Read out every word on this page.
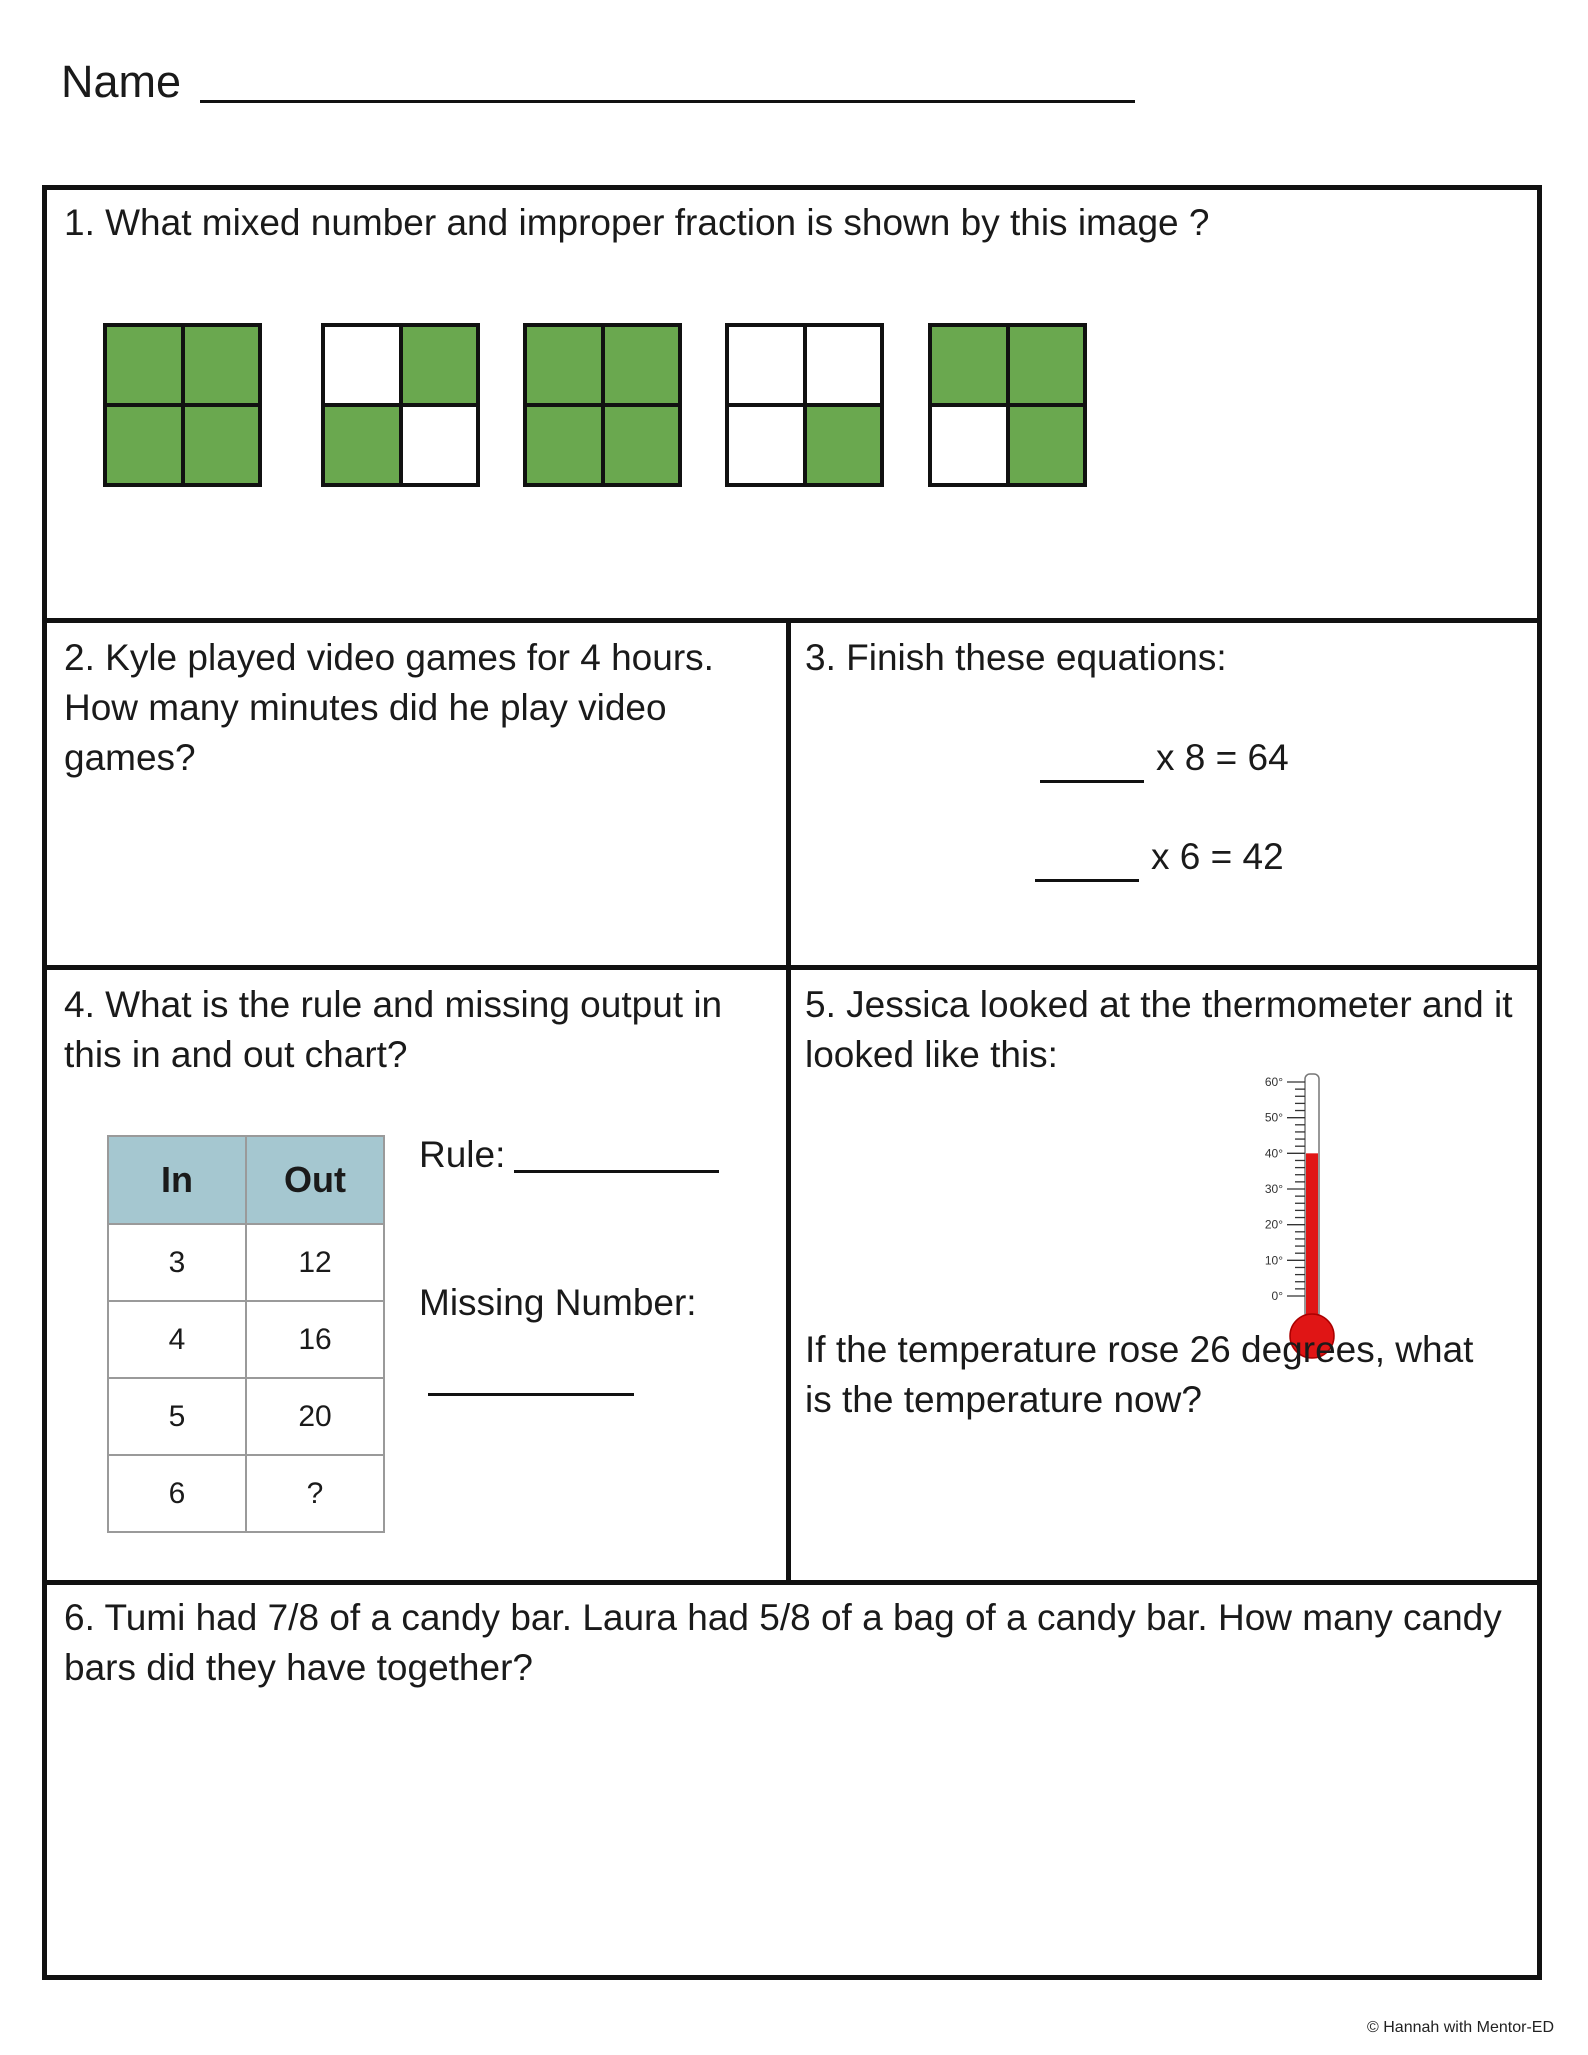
Name
1. What mixed number and improper fraction is shown by this image ?
2. Kyle played video games for 4 hours. How many minutes did he play video games?
3. Finish these equations:
x 8 = 64
x 6 = 42
4. What is the rule and missing output in this in and out chart?
In	Out
3	12
4	16
5	20
6	?
Rule:
Missing Number:
5. Jessica looked at the thermometer and it looked like this:
60°
50°
40°
30°
20°
10°
0°
If the temperature rose 26 degrees, what is the temperature now?
6. Tumi had 7/8 of a candy bar. Laura had 5/8 of a bag of a candy bar. How many candy bars did they have together?
© Hannah with Mentor-ED
